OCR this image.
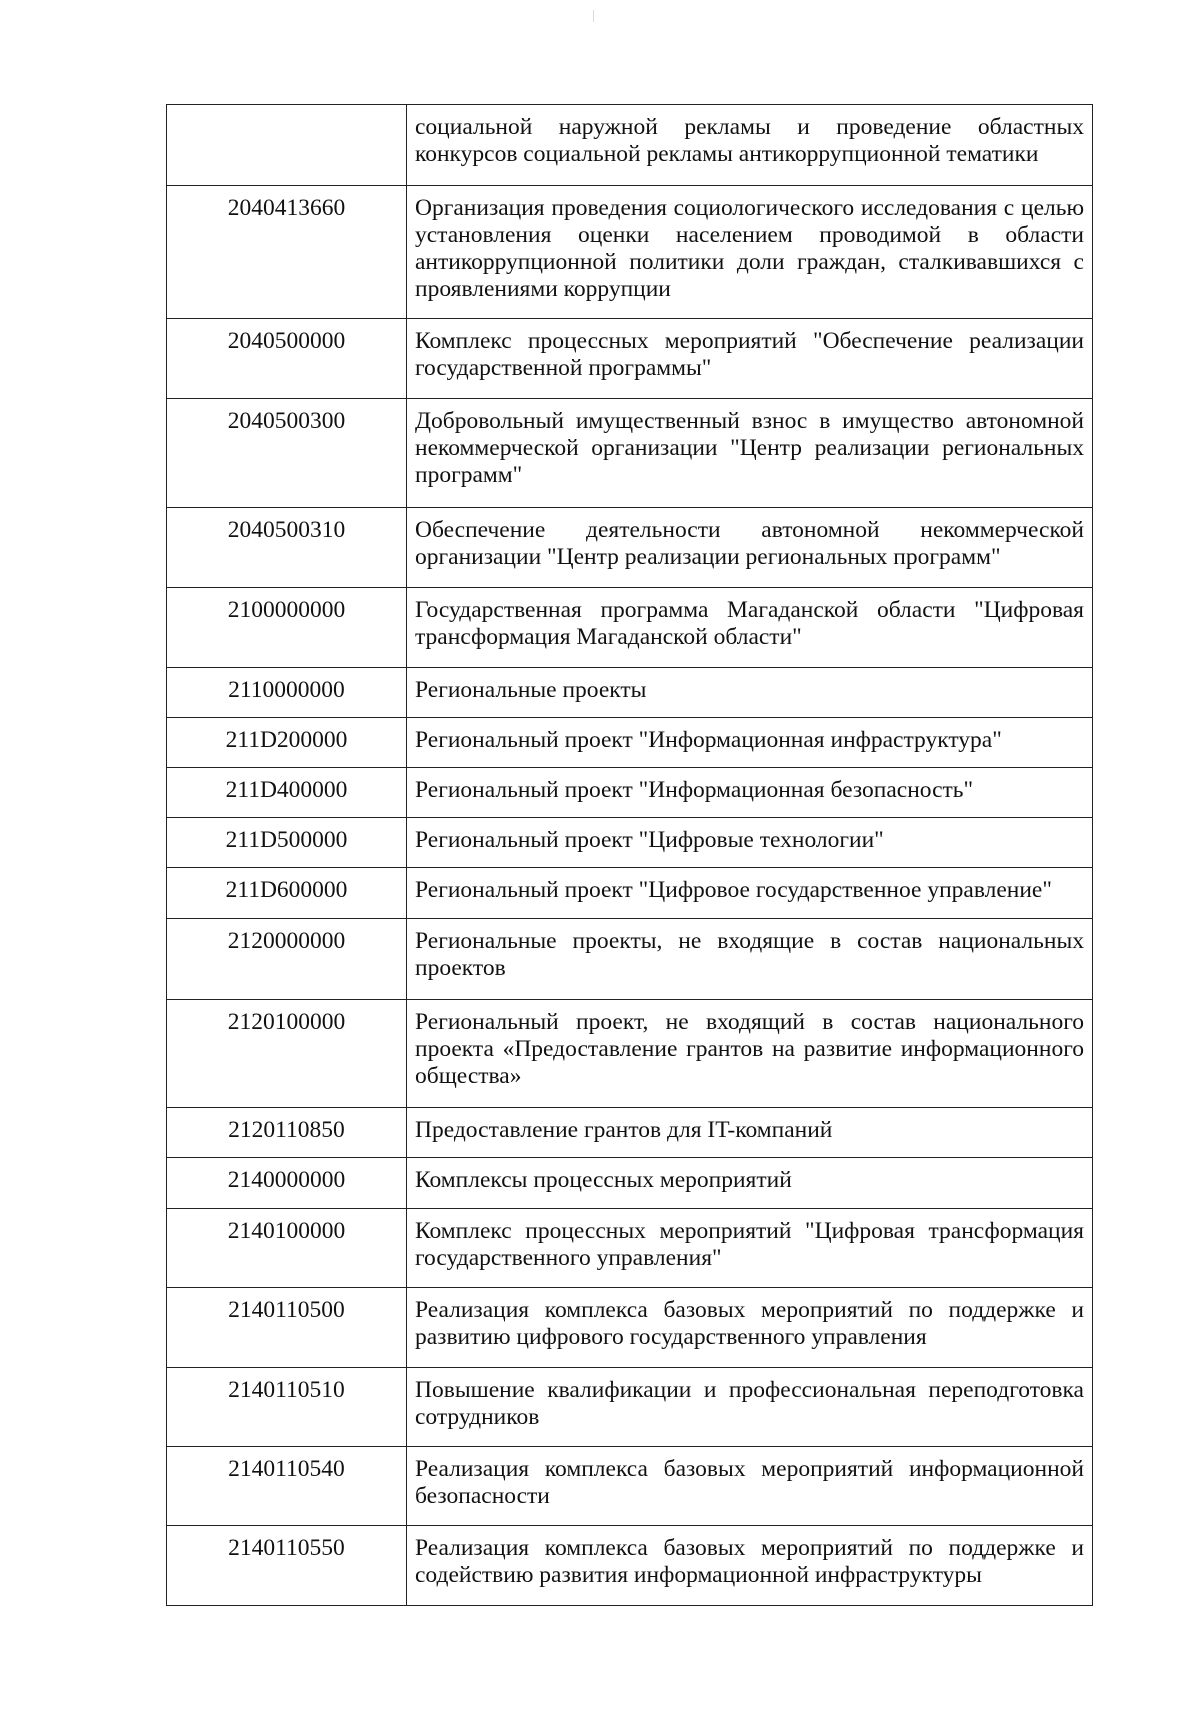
	социальной наружной рекламы и проведение областных конкурсов социальной рекламы антикоррупционной тематики
2040413660	Организация проведения социологического исследования с целью установления оценки населением проводимой в области антикоррупционной политики доли граждан, сталкивавшихся с проявлениями коррупции
2040500000	Комплекс процессных мероприятий "Обеспечение реализации государственной программы"
2040500300	Добровольный имущественный взнос в имущество автономной некоммерческой организации "Центр реализации региональных программ"
2040500310	Обеспечение деятельности автономной некоммерческой организации "Центр реализации региональных программ"
2100000000	Государственная программа Магаданской области "Цифровая трансформация Магаданской области"
2110000000	Региональные проекты
211D200000	Региональный проект "Информационная инфраструктура"
211D400000	Региональный проект "Информационная безопасность"
211D500000	Региональный проект "Цифровые технологии"
211D600000	Региональный проект "Цифровое государственное управление"
2120000000	Региональные проекты, не входящие в состав национальных проектов
2120100000	Региональный проект, не входящий в состав национального проекта «Предоставление грантов на развитие информационного общества»
2120110850	Предоставление грантов для IT-компаний
2140000000	Комплексы процессных мероприятий
2140100000	Комплекс процессных мероприятий "Цифровая трансформация государственного управления"
2140110500	Реализация комплекса базовых мероприятий по поддержке и развитию цифрового государственного управления
2140110510	Повышение квалификации и профессиональная переподготовка сотрудников
2140110540	Реализация комплекса базовых мероприятий информационной безопасности
2140110550	Реализация комплекса базовых мероприятий по поддержке и содействию развития информационной инфраструктуры
